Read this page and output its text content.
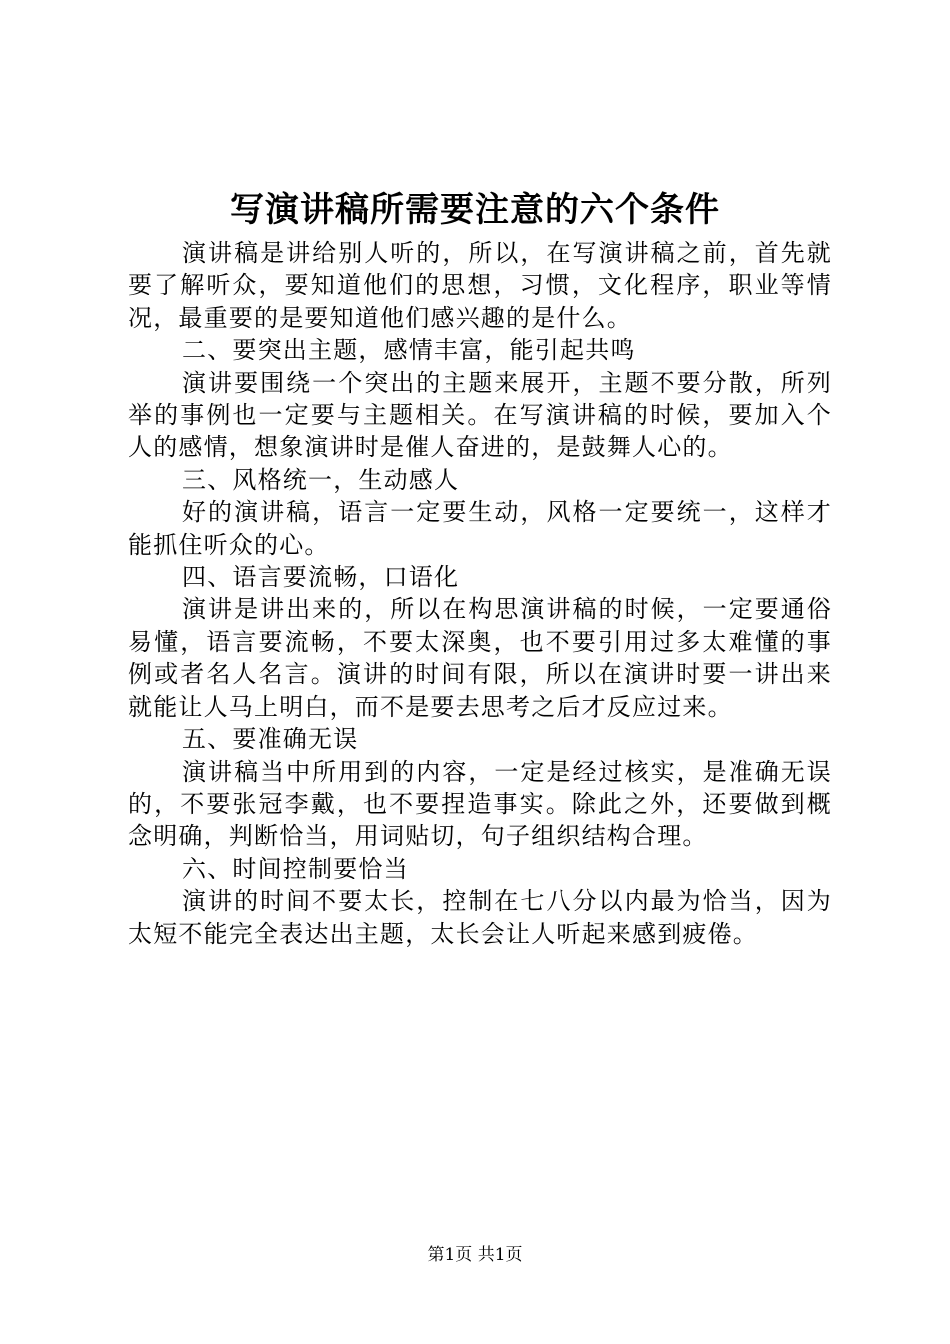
写演讲稿所需要注意的六个条件

演讲稿是讲给别人听的，所以，在写演讲稿之前，首先就要了解听众，要知道他们的思想，习惯，文化程序，职业等情况，最重要的是要知道他们感兴趣的是什么。

二、要突出主题，感情丰富，能引起共鸣

演讲要围绕一个突出的主题来展开，主题不要分散，所列举的事例也一定要与主题相关。在写演讲稿的时候，要加入个人的感情，想象演讲时是催人奋进的，是鼓舞人心的。

三、风格统一，生动感人

好的演讲稿，语言一定要生动，风格一定要统一，这样才能抓住听众的心。

四、语言要流畅，口语化

演讲是讲出来的，所以在构思演讲稿的时候，一定要通俗易懂，语言要流畅，不要太深奥，也不要引用过多太难懂的事例或者名人名言。演讲的时间有限，所以在演讲时要一讲出来就能让人马上明白，而不是要去思考之后才反应过来。

五、要准确无误

演讲稿当中所用到的内容，一定是经过核实，是准确无误的，不要张冠李戴，也不要捏造事实。除此之外，还要做到概念明确，判断恰当，用词贴切，句子组织结构合理。

六、时间控制要恰当

演讲的时间不要太长，控制在七八分以内最为恰当，因为太短不能完全表达出主题，太长会让人听起来感到疲倦。

第1页 共1页
